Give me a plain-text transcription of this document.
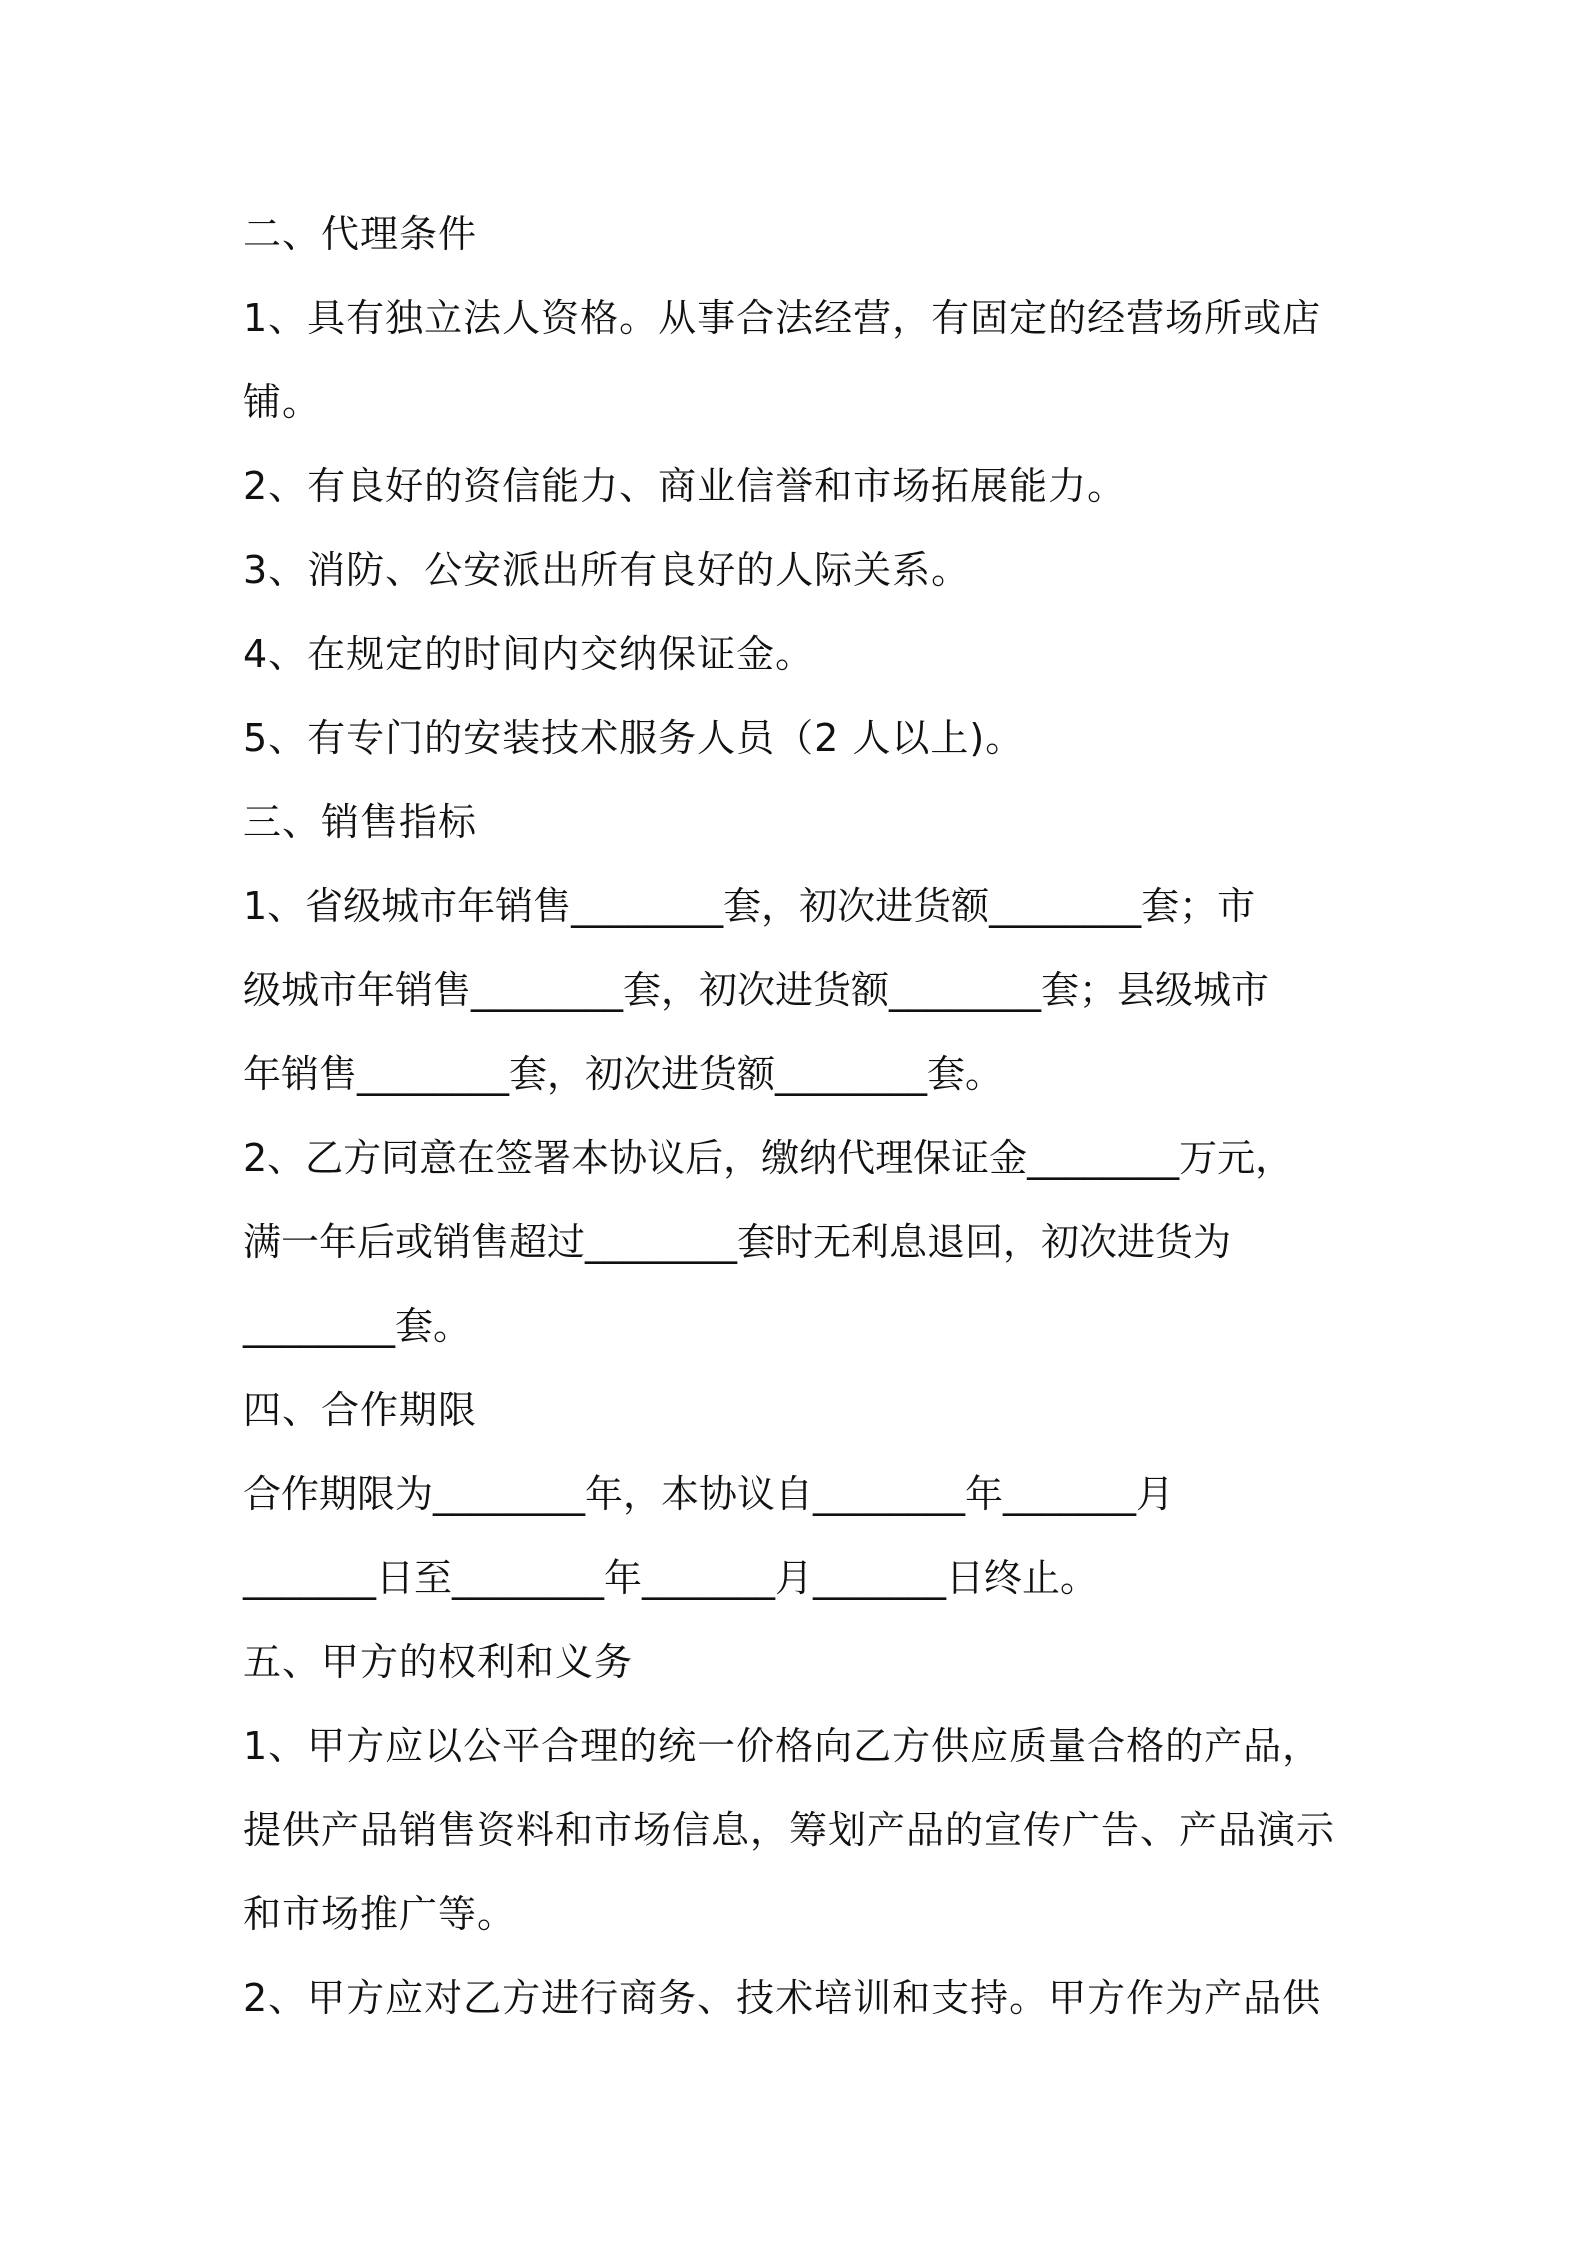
二、代理条件
1、具有独立法人资格。从事合法经营，有固定的经营场所或店
铺。
2、有良好的资信能力、商业信誉和市场拓展能力。
3、消防、公安派出所有良好的人际关系。
4、在规定的时间内交纳保证金。
5、有专门的安装技术服务人员（2 人以上)。
三、销售指标
1、省级城市年销售________套，初次进货额________套；市
级城市年销售________套，初次进货额________套；县级城市
年销售________套，初次进货额________套。
2、乙方同意在签署本协议后，缴纳代理保证金________万元，
满一年后或销售超过________套时无利息退回，初次进货为
________套。
四、合作期限
合作期限为________年，本协议自________年_______月
_______日至________年_______月_______日终止。
五、甲方的权利和义务
1、甲方应以公平合理的统一价格向乙方供应质量合格的产品，
提供产品销售资料和市场信息，筹划产品的宣传广告、产品演示
和市场推广等。
2、甲方应对乙方进行商务、技术培训和支持。甲方作为产品供
